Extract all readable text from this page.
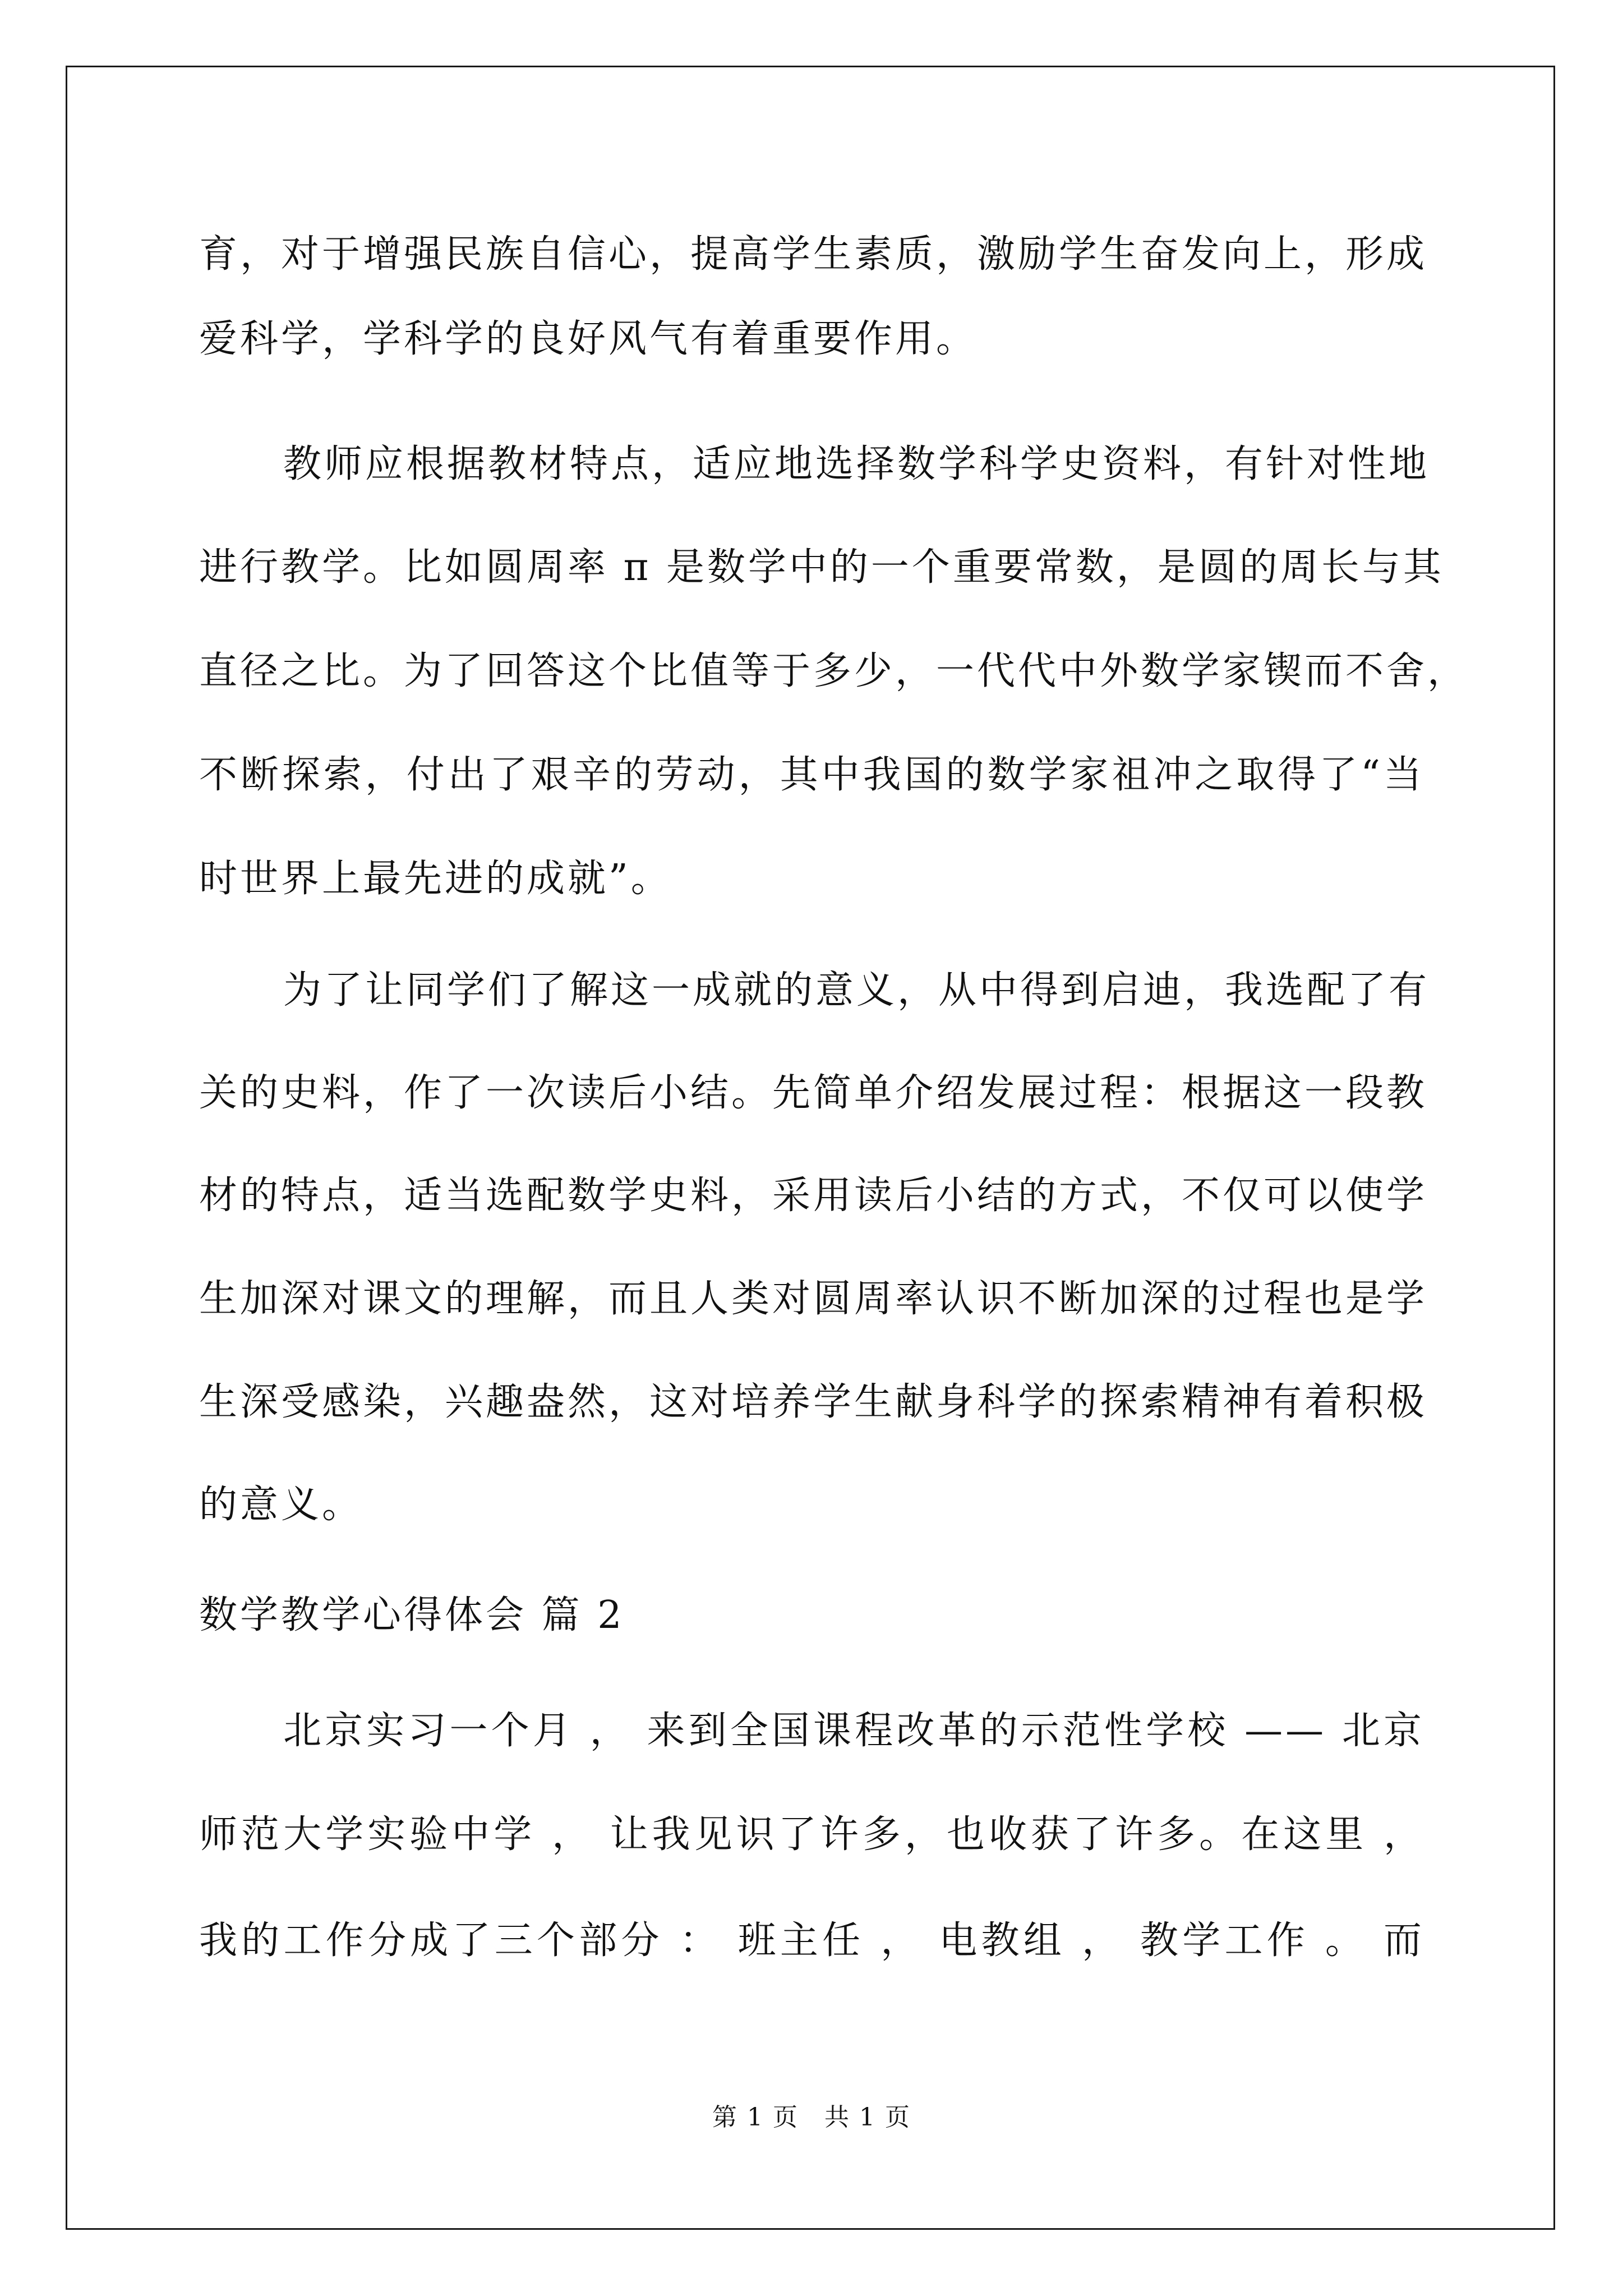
育，对于增强民族自信心，提高学生素质，激励学生奋发向上，形成
爱科学，学科学的良好风气有着重要作用。
教师应根据教材特点，适应地选择数学科学史资料，有针对性地
进行教学。比如圆周率 π 是数学中的一个重要常数，是圆的周长与其
直径之比。为了回答这个比值等于多少，一代代中外数学家锲而不舍，
不断探索，付出了艰辛的劳动，其中我国的数学家祖冲之取得了“当
时世界上最先进的成就”。
为了让同学们了解这一成就的意义，从中得到启迪，我选配了有
关的史料，作了一次读后小结。先简单介绍发展过程：根据这一段教
材的特点，适当选配数学史料，采用读后小结的方式，不仅可以使学
生加深对课文的理解，而且人类对圆周率认识不断加深的过程也是学
生深受感染，兴趣盎然，这对培养学生献身科学的探索精神有着积极
的意义。
数学教学心得体会 篇 2
北京实习一个月 ， 来到全国课程改革的示范性学校 —— 北京
师范大学实验中学 ， 让我见识了许多，也收获了许多。在这里 ，
我的工作分成了三个部分 ： 班主任 ， 电教组 ， 教学工作 。 而
第 1 页　共 1 页
